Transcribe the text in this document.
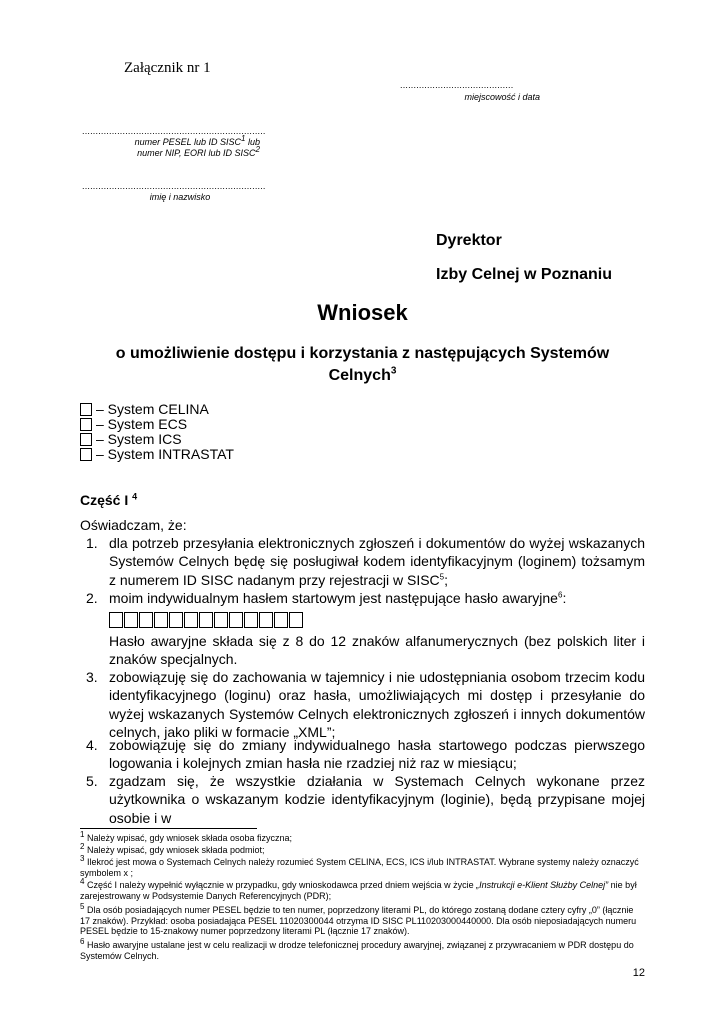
Załącznik nr 1
..........................................
miejscowość i data
....................................................................
numer PESEL lub ID SISC$^1$ lub
numer NIP, EORI lub ID SISC$^2$
....................................................................
imię i nazwisko
Dyrektor
Izby Celnej w Poznaniu
Wniosek
o umożliwienie dostępu i korzystania z następujących Systemów
Celnych$^3$
– System CELINA
– System ECS
– System ICS
– System INTRASTAT
Część I $^4$
Oświadczam, że:
1. dla potrzeb przesyłania elektronicznych zgłoszeń i dokumentów do wyżej wskazanych Systemów Celnych będę się posługiwał kodem identyfikacyjnym (loginem) tożsamym z numerem ID SISC nadanym przy rejestracji w SISC$^5$;
2. moim indywidualnym hasłem startowym jest następujące hasło awaryjne$^6$:
Hasło awaryjne składa się z 8 do 12 znaków alfanumerycznych (bez polskich liter i znaków specjalnych.
3. zobowiązuję się do zachowania w tajemnicy i nie udostępniania osobom trzecim kodu identyfikacyjnego (loginu) oraz hasła, umożliwiających mi dostęp i przesyłanie do wyżej wskazanych Systemów Celnych elektronicznych zgłoszeń i innych dokumentów celnych, jako pliki w formacie „XML”;
4. zobowiązuję się do zmiany indywidualnego hasła startowego podczas pierwszego logowania i kolejnych zmian hasła nie rzadziej niż raz w miesiącu;
5. zgadzam się, że wszystkie działania w Systemach Celnych wykonane przez użytkownika o wskazanym kodzie identyfikacyjnym (loginie), będą przypisane mojej osobie i w
$^1$ Należy wpisać, gdy wniosek składa osoba fizyczna;
$^2$ Należy wpisać, gdy wniosek składa podmiot;
$^3$ Ilekroć jest mowa o Systemach Celnych należy rozumieć System CELINA, ECS, ICS i/lub INTRASTAT. Wybrane systemy należy oznaczyć symbolem x ;
$^4$ Część I należy wypełnić wyłącznie w przypadku, gdy wnioskodawca przed dniem wejścia w życie „Instrukcji e-Klient Służby Celnej” nie był zarejestrowany w Podsystemie Danych Referencyjnych (PDR);
$^5$ Dla osób posiadających numer PESEL będzie to ten numer, poprzedzony literami PL, do którego zostaną dodane cztery cyfry „0” (łącznie 17 znaków). Przykład: osoba posiadająca PESEL 11020300044 otrzyma ID SISC PL110203000440000. Dla osób nieposiadających numeru PESEL będzie to 15-znakowy numer poprzedzony literami PL (łącznie 17 znaków).
$^6$ Hasło awaryjne ustalane jest w celu realizacji w drodze telefonicznej procedury awaryjnej, związanej z przywracaniem w PDR dostępu do Systemów Celnych.
12
